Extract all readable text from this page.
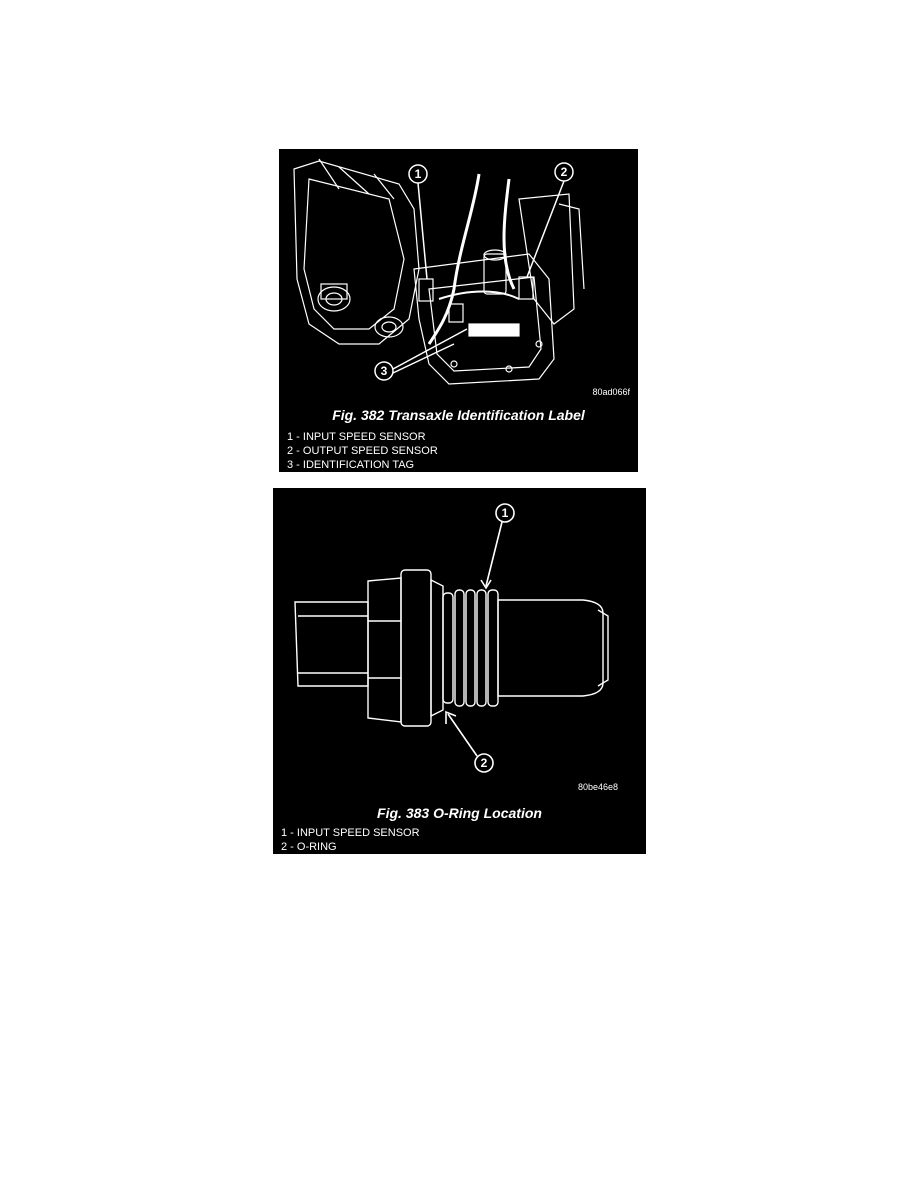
1	2
3
80ad066f
Fig. 382 Transaxle Identification Label
1 - INPUT SPEED SENSOR
2 - OUTPUT SPEED SENSOR
3 - IDENTIFICATION TAG
1
2
80be46e8
Fig. 383 O-Ring Location
1 - INPUT SPEED SENSOR
2 - O-RING
